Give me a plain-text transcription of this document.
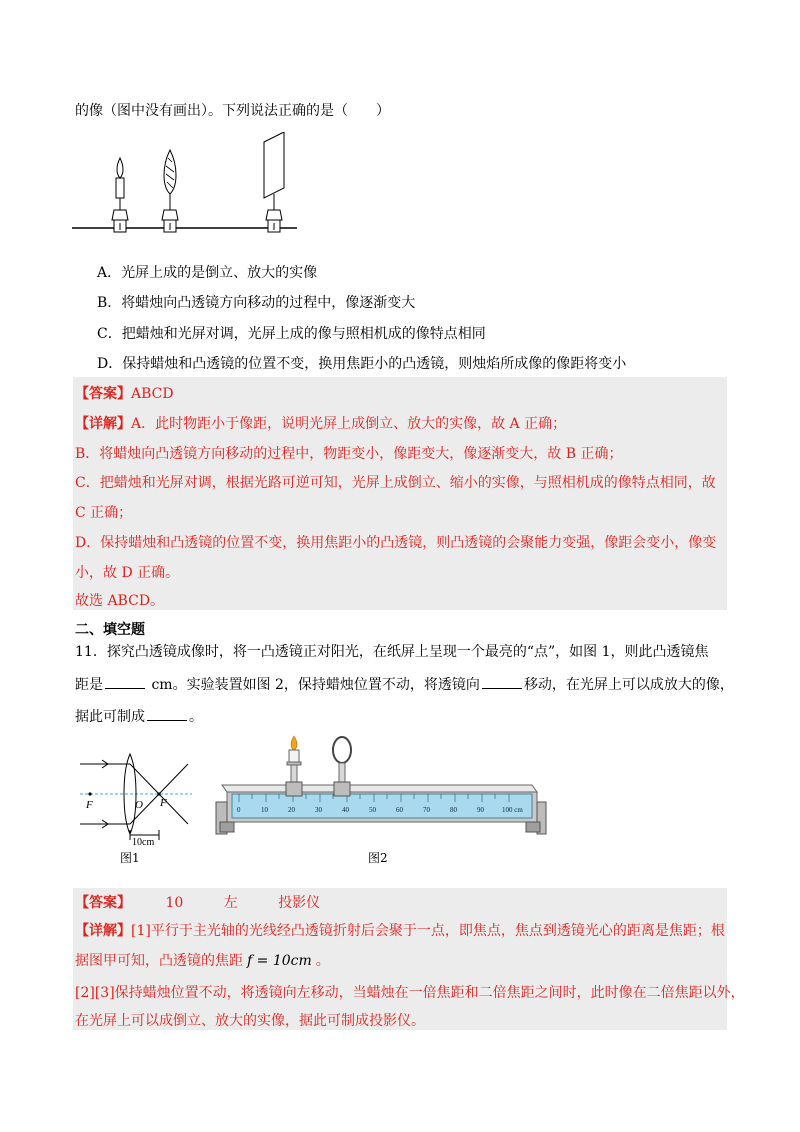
的像（图中没有画出）。下列说法正确的是（　　）
A．光屏上成的是倒立、放大的实像
B．将蜡烛向凸透镜方向移动的过程中，像逐渐变大
C．把蜡烛和光屏对调，光屏上成的像与照相机成的像特点相同
D．保持蜡烛和凸透镜的位置不变，换用焦距小的凸透镜，则烛焰所成像的像距将变小
【答案】ABCD
【详解】A．此时物距小于像距，说明光屏上成倒立、放大的实像，故 A 正确；
B．将蜡烛向凸透镜方向移动的过程中，物距变小，像距变大，像逐渐变大，故 B 正确；
C．把蜡烛和光屏对调，根据光路可逆可知，光屏上成倒立、缩小的实像，与照相机成的像特点相同，故
C 正确；
D．保持蜡烛和凸透镜的位置不变，换用焦距小的凸透镜，则凸透镜的会聚能力变强，像距会变小，像变
小，故 D 正确。
故选 ABCD。
二、填空题
11．探究凸透镜成像时，将一凸透镜正对阳光，在纸屏上呈现一个最亮的“点”，如图 1，则此凸透镜焦
距是	cm。实验装置如图 2，保持蜡烛位置不动，将透镜向	移动，在光屏上可以成放大的像，
据此可制成	。
F	O F
10cm
图1
0	10	20	30	40	50	60	70	80	90	100 cm
图2
【答案】 10	左	投影仪
【详解】[1]平行于主光轴的光线经凸透镜折射后会聚于一点，即焦点，焦点到透镜光心的距离是焦距；根
据图甲可知，凸透镜的焦距 f = 10cm 。
[2][3]保持蜡烛位置不动，将透镜向左移动，当蜡烛在一倍焦距和二倍焦距之间时，此时像在二倍焦距以外，
在光屏上可以成倒立、放大的实像，据此可制成投影仪。
